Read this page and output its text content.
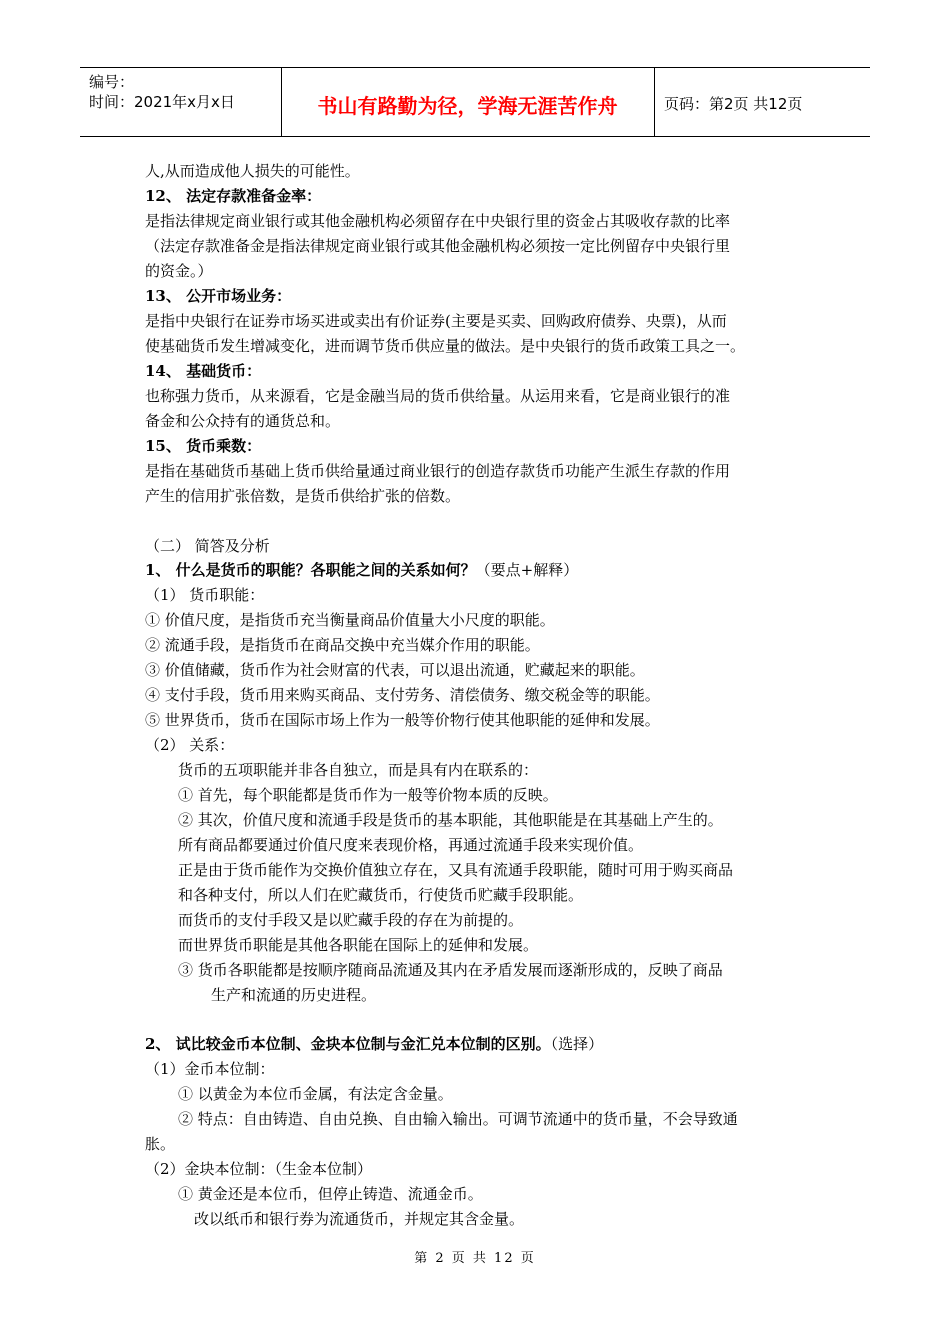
编号：
时间：2021年x月x日	书山有路勤为径，学海无涯苦作舟	页码：第2页 共12页
人,从而造成他人损失的可能性。
12、 法定存款准备金率：
是指法律规定商业银行或其他金融机构必须留存在中央银行里的资金占其吸收存款的比率
（法定存款准备金是指法律规定商业银行或其他金融机构必须按一定比例留存中央银行里
的资金。）
13、 公开市场业务：
是指中央银行在证券市场买进或卖出有价证券(主要是买卖、回购政府债券、央票)，从而
使基础货币发生增减变化，进而调节货币供应量的做法。是中央银行的货币政策工具之一。
14、 基础货币：
也称强力货币，从来源看，它是金融当局的货币供给量。从运用来看，它是商业银行的准
备金和公众持有的通货总和。
15、 货币乘数：
是指在基础货币基础上货币供给量通过商业银行的创造存款货币功能产生派生存款的作用
产生的信用扩张倍数，是货币供给扩张的倍数。
（二） 简答及分析
1、 什么是货币的职能？各职能之间的关系如何？（要点+解释）
（1） 货币职能：
① 价值尺度，是指货币充当衡量商品价值量大小尺度的职能。
② 流通手段，是指货币在商品交换中充当媒介作用的职能。
③ 价值储藏，货币作为社会财富的代表，可以退出流通，贮藏起来的职能。
④ 支付手段，货币用来购买商品、支付劳务、清偿债务、缴交税金等的职能。
⑤ 世界货币，货币在国际市场上作为一般等价物行使其他职能的延伸和发展。
（2） 关系：
货币的五项职能并非各自独立，而是具有内在联系的：
① 首先，每个职能都是货币作为一般等价物本质的反映。
② 其次，价值尺度和流通手段是货币的基本职能，其他职能是在其基础上产生的。
所有商品都要通过价值尺度来表现价格，再通过流通手段来实现价值。
正是由于货币能作为交换价值独立存在，又具有流通手段职能，随时可用于购买商品
和各种支付，所以人们在贮藏货币，行使货币贮藏手段职能。
而货币的支付手段又是以贮藏手段的存在为前提的。
而世界货币职能是其他各职能在国际上的延伸和发展。
③ 货币各职能都是按顺序随商品流通及其内在矛盾发展而逐渐形成的，反映了商品
生产和流通的历史进程。
2、 试比较金币本位制、金块本位制与金汇兑本位制的区别。（选择）
（1）金币本位制：
① 以黄金为本位币金属，有法定含金量。
② 特点：自由铸造、自由兑换、自由输入输出。可调节流通中的货币量，不会导致通
胀。
（2）金块本位制：（生金本位制）
① 黄金还是本位币，但停止铸造、流通金币。
改以纸币和银行券为流通货币，并规定其含金量。
第 2 页 共 12 页
